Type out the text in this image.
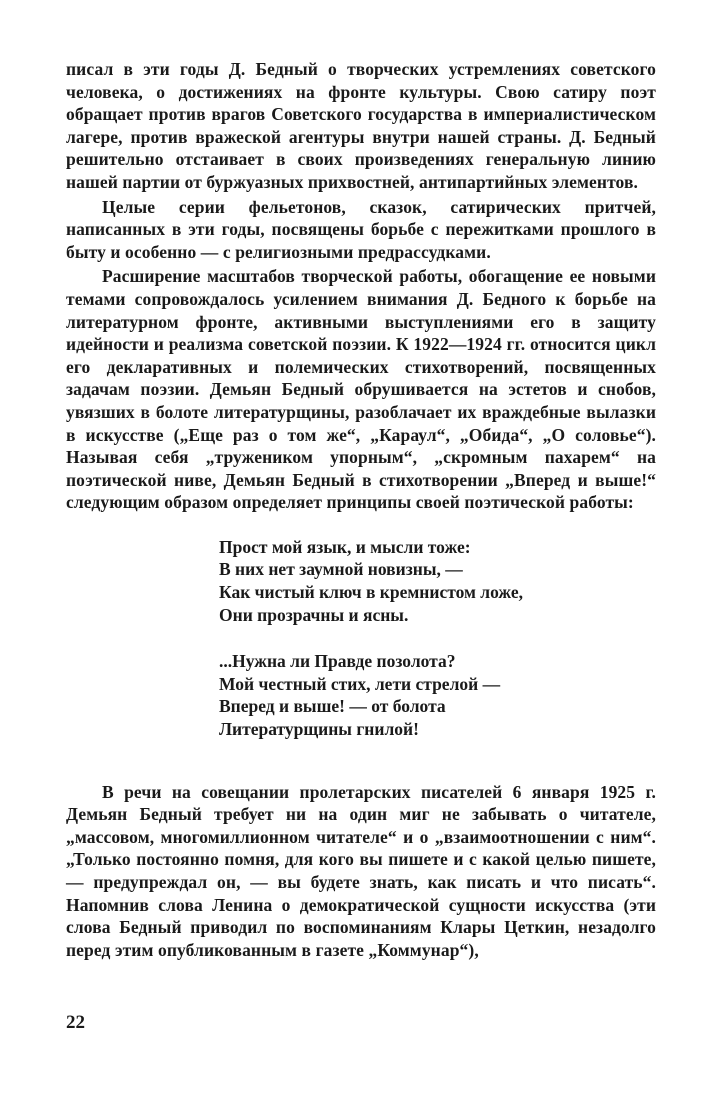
писал в эти годы Д. Бедный о творческих устремлениях советского человека, о достижениях на фронте культуры. Свою сатиру поэт обращает против врагов Советского государства в империалистическом лагере, против вражеской агентуры внутри нашей страны. Д. Бедный решительно отстаивает в своих произведениях генеральную линию нашей партии от буржуазных прихвостней, антипартийных элементов.

Целые серии фельетонов, сказок, сатирических притчей, написанных в эти годы, посвящены борьбе с пережитками прошлого в быту и особенно — с религиозными предрассудками.

Расширение масштабов творческой работы, обогащение ее новыми темами сопровождалось усилением внимания Д. Бедного к борьбе на литературном фронте, активными выступлениями его в защиту идейности и реализма советской поэзии. К 1922—1924 гг. относится цикл его декларативных и полемических стихотворений, посвященных задачам поэзии. Демьян Бедный обрушивается на эстетов и снобов, увязших в болоте литературщины, разоблачает их враждебные вылазки в искусстве („Еще раз о том же“, „Караул“, „Обида“, „О соловье“). Называя себя „тружеником упорным“, „скромным пахарем“ на поэтической ниве, Демьян Бедный в стихотворении „Вперед и выше!“ следующим образом определяет принципы своей поэтической работы:

Прост мой язык, и мысли тоже:
В них нет заумной новизны, —
Как чистый ключ в кремнистом ложе,
Они прозрачны и ясны.
...Нужна ли Правде позолота?
Мой честный стих, лети стрелой —
Вперед и выше! — от болота
Литературщины гнилой!

В речи на совещании пролетарских писателей 6 января 1925 г. Демьян Бедный требует ни на один миг не забывать о читателе, „массовом, многомиллионном читателе“ и о „взаимоотношении с ним“. „Только постоянно помня, для кого вы пишете и с какой целью пишете, — предупреждал он, — вы будете знать, как писать и что писать“. Напомнив слова Ленина о демократической сущности искусства (эти слова Бедный приводил по воспоминаниям Клары Цеткин, незадолго перед этим опубликованным в газете „Коммунар“),

22
